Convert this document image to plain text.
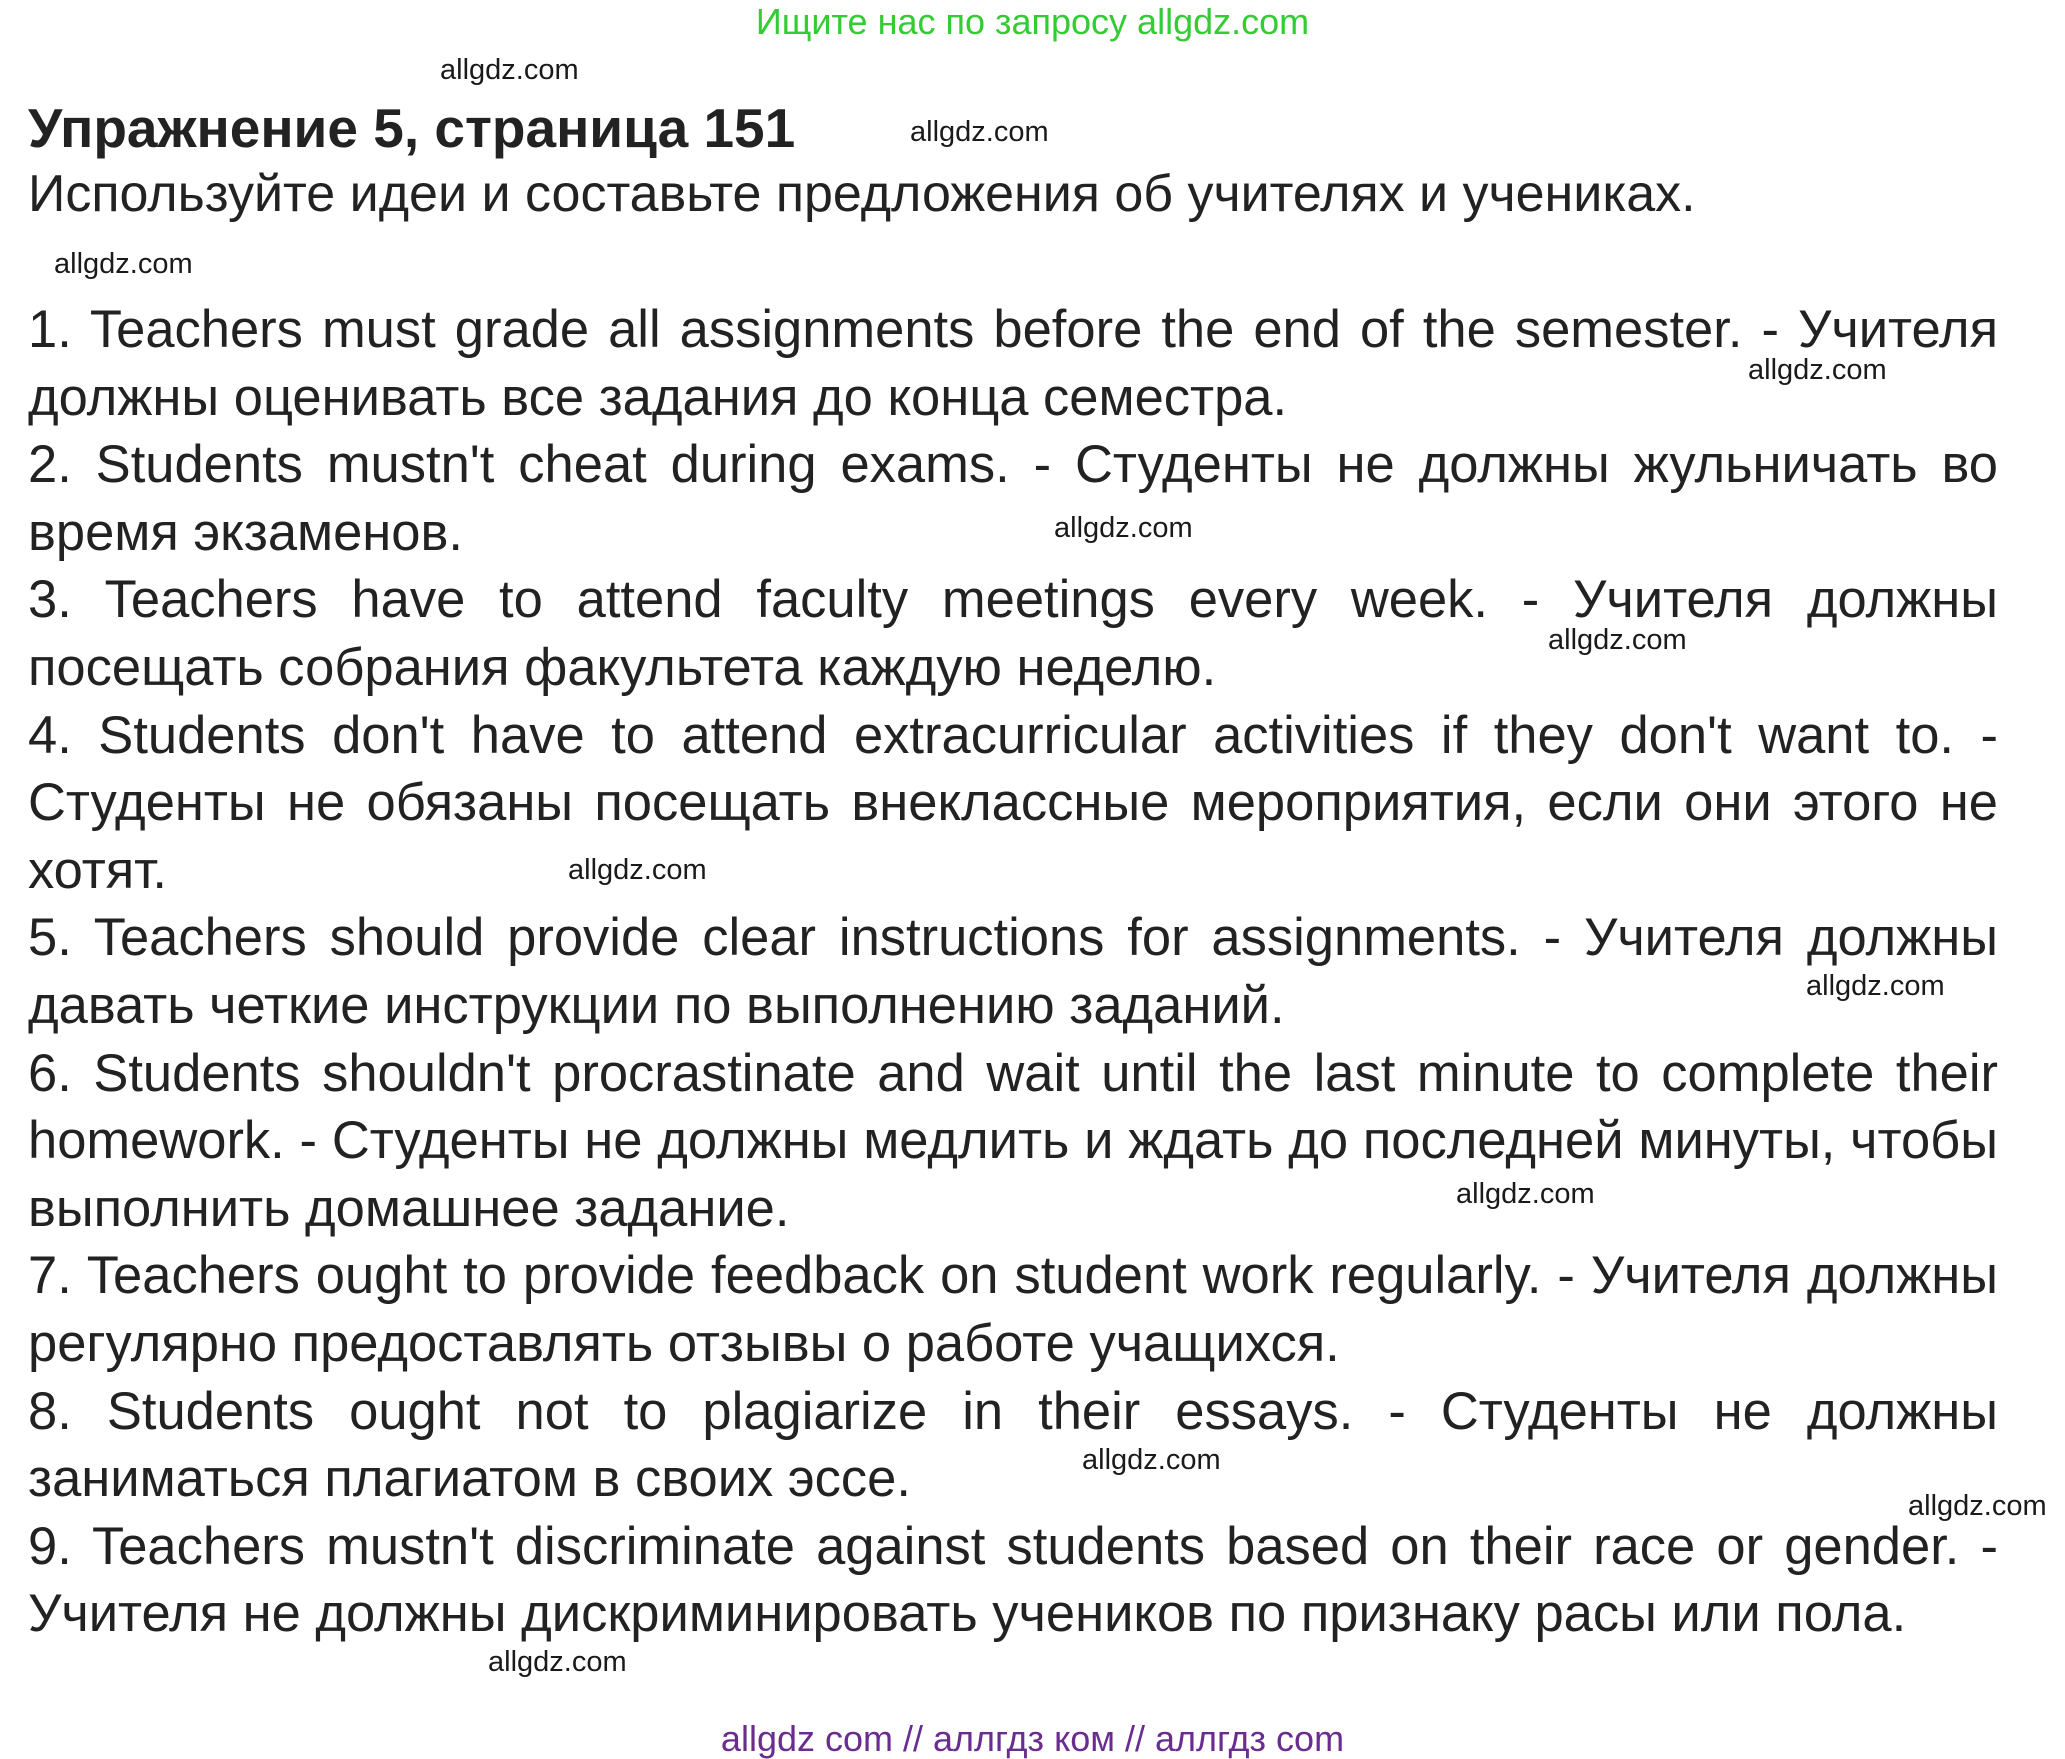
Ищите нас по запросу allgdz.com
allgdz.com
allgdz.com
allgdz.com
allgdz.com
allgdz.com
allgdz.com
allgdz.com
allgdz.com
allgdz.com
allgdz.com
allgdz.com
allgdz.com
Упражнение 5, страница 151

Используйте идеи и составьте предложения об учителях и учениках.

1. Teachers must grade all assignments before the end of the semester. - Учителя должны оценивать все задания до конца семестра.
2. Students mustn't cheat during exams. - Студенты не должны жульничать во время экзаменов.
3. Teachers have to attend faculty meetings every week. - Учителя должны посещать собрания факультета каждую неделю.
4. Students don't have to attend extracurricular activities if they don't want to. - Студенты не обязаны посещать внеклассные мероприятия, если они этого не хотят.
5. Teachers should provide clear instructions for assignments. - Учителя должны давать четкие инструкции по выполнению заданий.
6. Students shouldn't procrastinate and wait until the last minute to complete their homework. - Студенты не должны медлить и ждать до последней минуты, чтобы выполнить домашнее задание.
7. Teachers ought to provide feedback on student work regularly. - Учителя должны регулярно предоставлять отзывы о работе учащихся.
8. Students ought not to plagiarize in their essays. - Студенты не должны заниматься плагиатом в своих эссе.
9. Teachers mustn't discriminate against students based on their race or gender. - Учителя не должны дискриминировать учеников по признаку расы или пола.
allgdz com // аллгдз ком // аллгдз com
